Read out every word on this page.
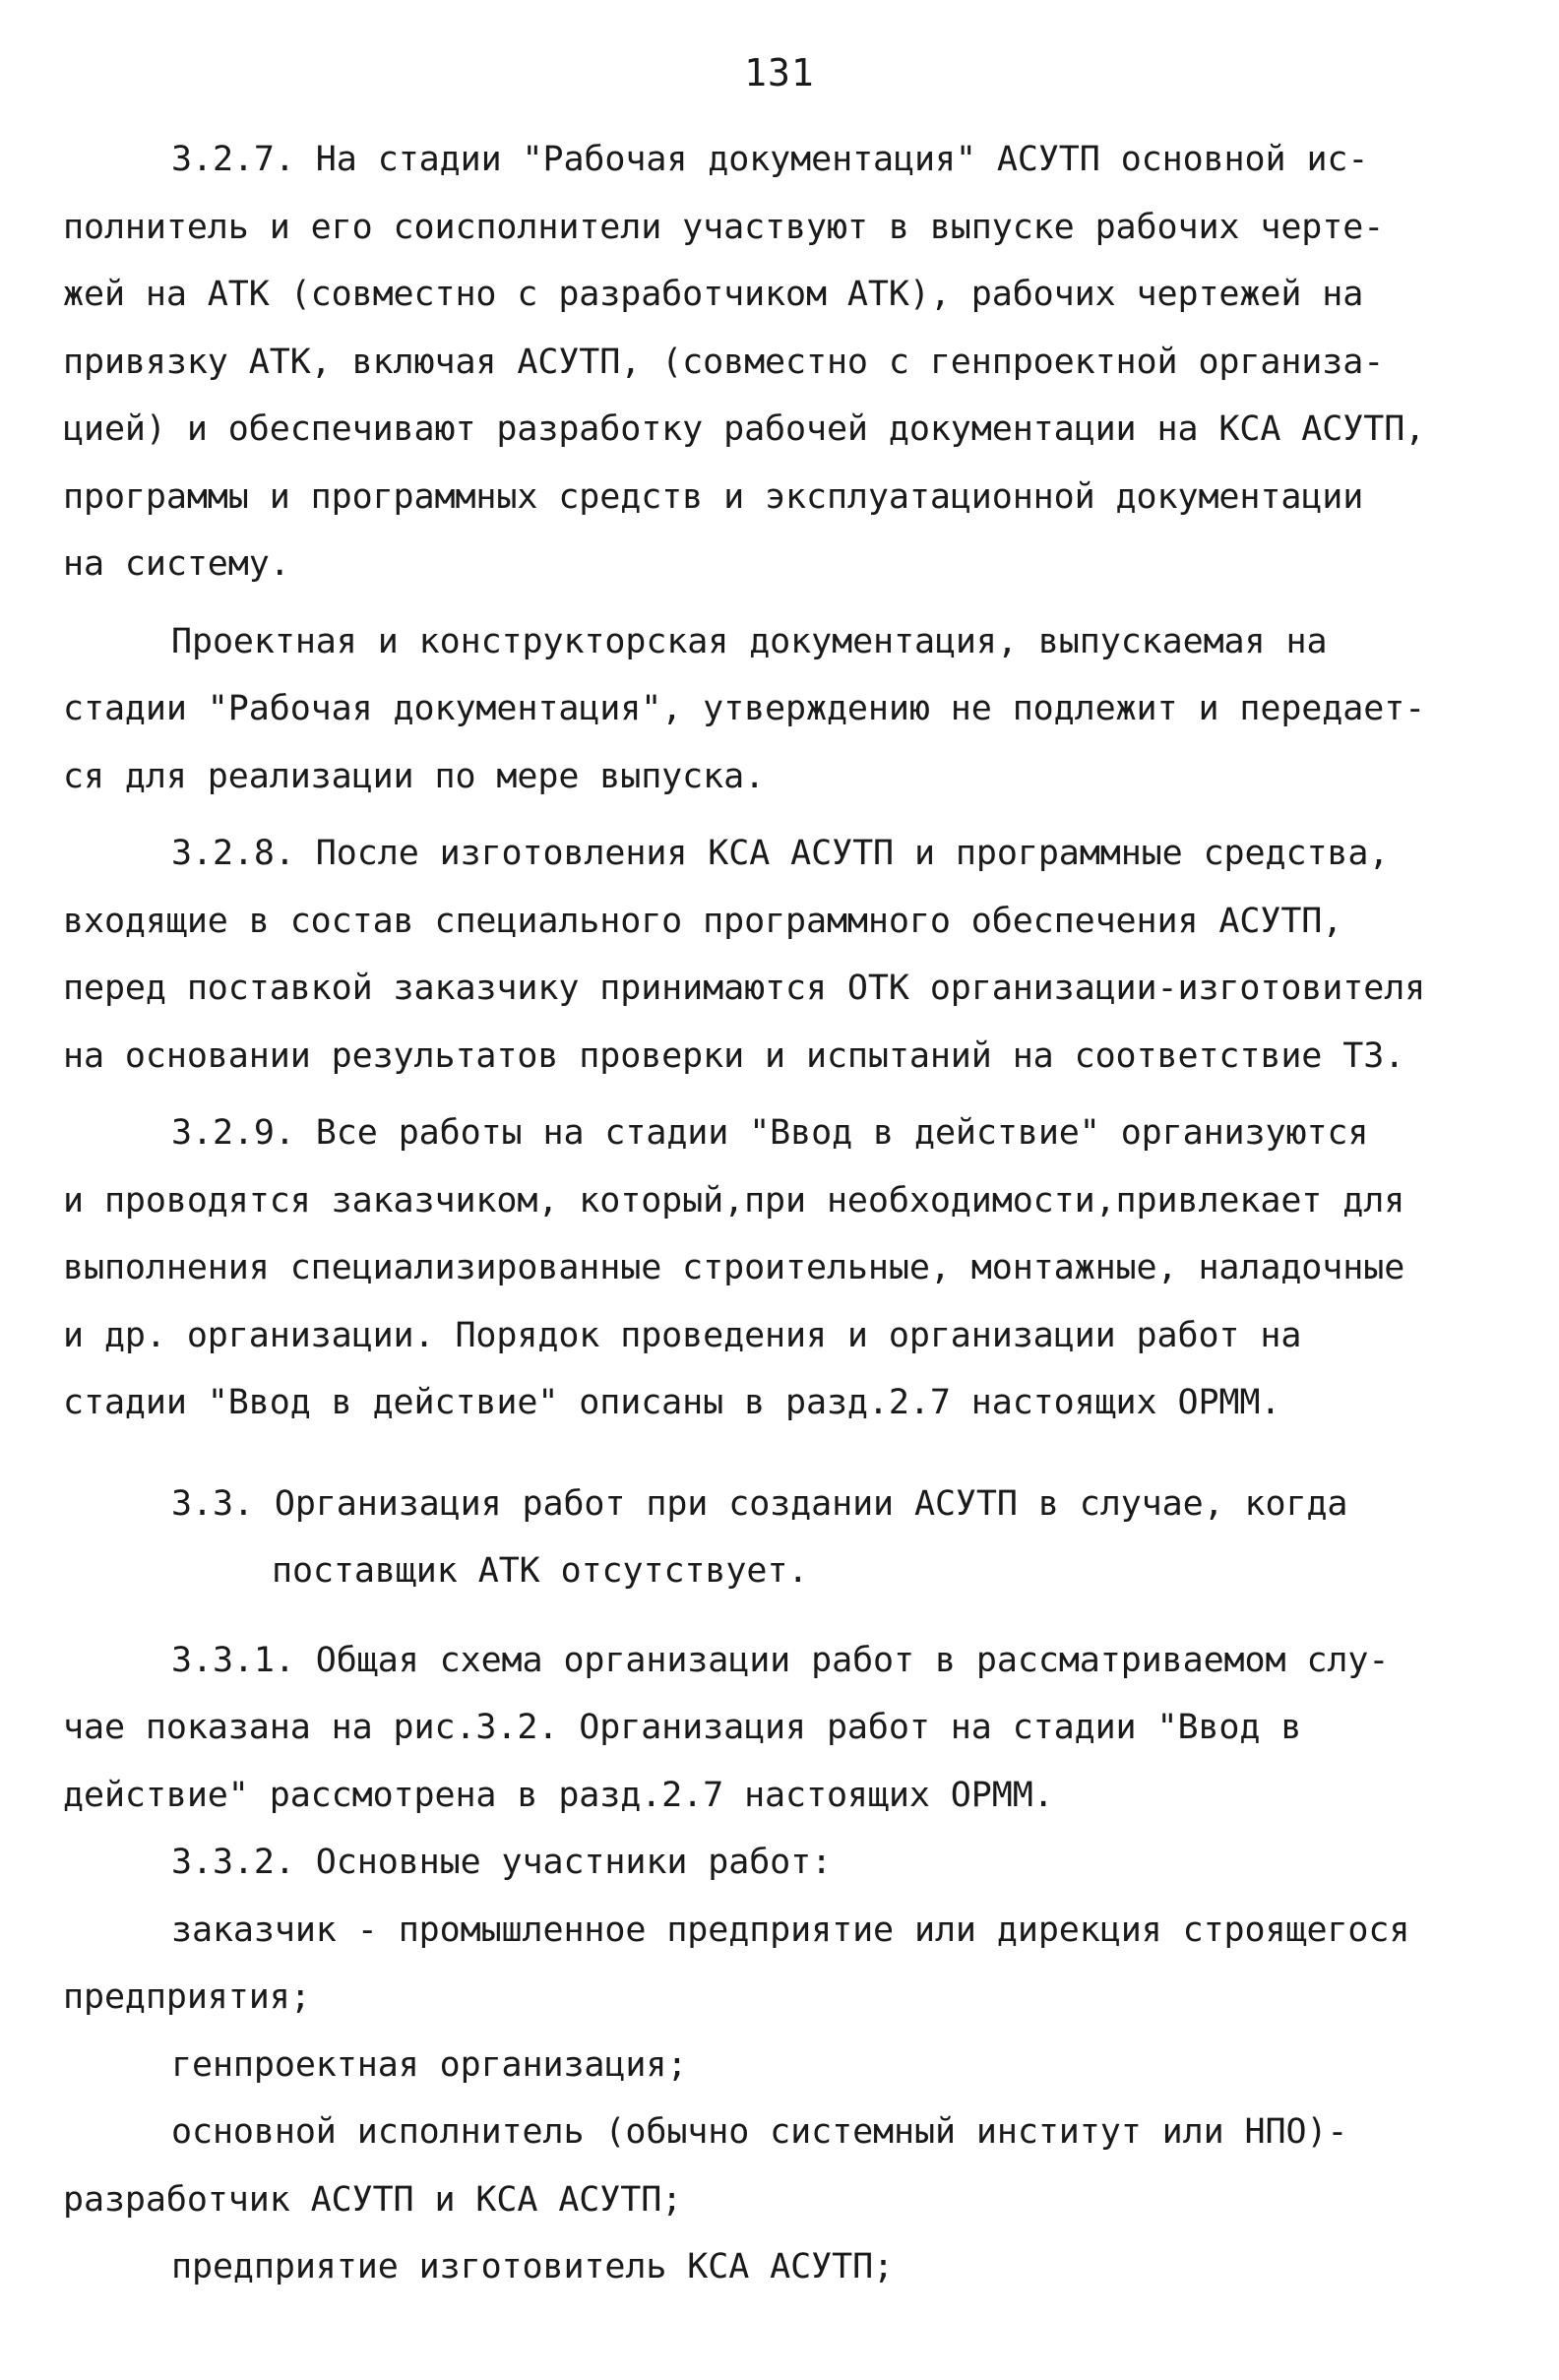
131

3.2.7. На стадии "Рабочая документация" АСУТП основной ис-
полнитель и его соисполнители участвуют в выпуске рабочих черте-
жей на АТК (совместно с разработчиком АТК), рабочих чертежей на
привязку АТК, включая АСУТП, (совместно с генпроектной организа-
цией) и обеспечивают разработку рабочей документации на КСА АСУТП,
программы и программных средств и эксплуатационной документации
на систему.

Проектная и конструкторская документация, выпускаемая на
стадии "Рабочая документация", утверждению не подлежит и передает-
ся для реализации по мере выпуска.

3.2.8. После изготовления КСА АСУТП и программные средства,
входящие в состав специального программного обеспечения АСУТП,
перед поставкой заказчику принимаются ОТК организации-изготовителя
на основании результатов проверки и испытаний на соответствие ТЗ.

3.2.9. Все работы на стадии "Ввод в действие" организуются
и проводятся заказчиком, который,при необходимости,привлекает для
выполнения специализированные строительные, монтажные, наладочные
и др. организации. Порядок проведения и организации работ на
стадии "Ввод в действие" описаны в разд.2.7 настоящих ОРММ.

3.3. Организация работ при создании АСУТП в случае, когда

поставщик АТК отсутствует.

3.3.1. Общая схема организации работ в рассматриваемом слу-
чае показана на рис.3.2. Организация работ на стадии "Ввод в
действие" рассмотрена в разд.2.7 настоящих ОРММ.

3.3.2. Основные участники работ:

заказчик - промышленное предприятие или дирекция строящегося
предприятия;

генпроектная организация;

основной исполнитель (обычно системный институт или НПО)-
разработчик АСУТП и КСА АСУТП;

предприятие изготовитель КСА АСУТП;
